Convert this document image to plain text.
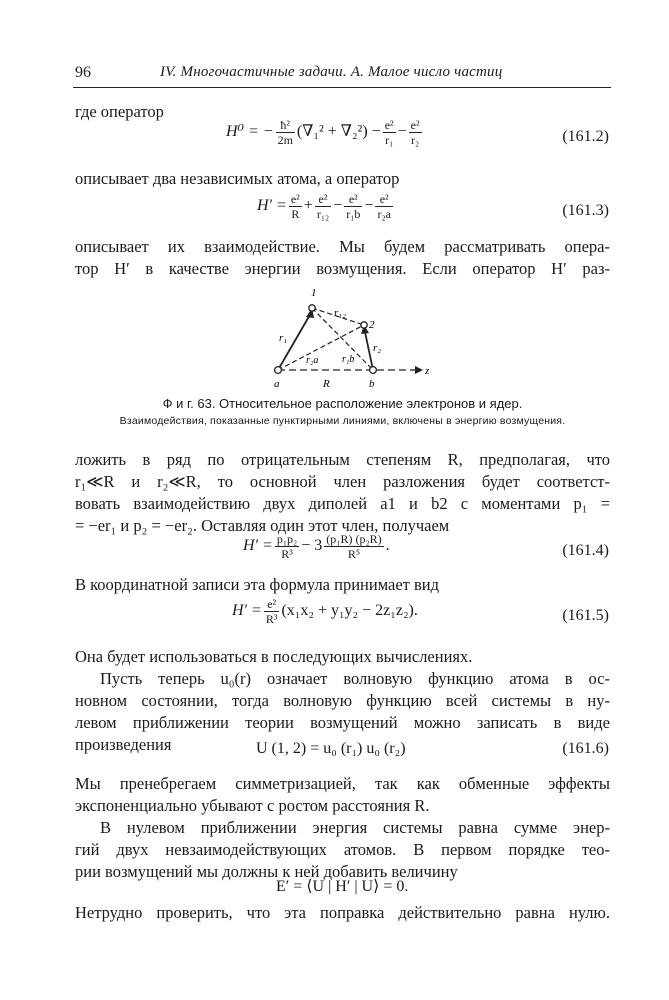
96	IV. Многочастичные задачи. A. Малое число частиц
где оператор
H⁰ = − $\frac{\text{ħ²}}{2m} (\nabla_1^2 + \nabla_2^2) - \frac{\text{e²}}{\text{r₁}} - \frac{\text{e²}}{\text{r₂}}$	(161.2)
описывает два независимых атома, а оператор
$H' = \frac{\text{e²}}{R} + \frac{\text{e²}}{\text{r₁₂}} - \frac{\text{e²}}{\text{r₁b}} - \frac{\text{e²}}{\text{r₂a}}$	(161.3)
описывает их взаимодействие. Мы будем рассматривать опера-
тор H′ в качестве энергии возмущения. Если оператор H′ раз-
1
2
r₁₂
r₁
r₂
r₂a r₁b
a	R	b
z
Ф и г. 63. Относительное расположение электронов и ядер.
Взаимодействия, показанные пунктирными линиями, включены в энергию возмущения.
ложить в ряд по отрицательным степеням R, предполагая, что
r₁≪R и r₂≪R, то основной член разложения будет соответст-
вовать взаимодействию двух диполей a1 и b2 с моментами p₁ =
= −er₁ и p₂ = −er₂. Оставляя один этот член, получаем
$H' = \frac{\text{p₁p₂}}{\text{R³}} - 3 \frac{\text{(p₁R) (p₂R)}}{\text{R⁵}}$ .	(161.4)
В координатной записи эта формула принимает вид
$H' = \frac{\text{e²}}{\text{R³}} (x_1x_2 + y_1y_2 - 2z_1z_2)$.	(161.5)
Она будет использоваться в последующих вычислениях.
Пусть теперь u₀(r) означает волновую функцию атома в ос-
новном состоянии, тогда волновую функцию всей системы в ну-
левом приближении теории возмущений можно записать в виде
произведения	U (1, 2) = u₀ (r₁) u₀ (r₂)	(161.6)
Мы пренебрегаем симметризацией, так как обменные эффекты
экспоненциально убывают с ростом расстояния R.
В нулевом приближении энергия системы равна сумме энер-
гий двух невзаимодействующих атомов. В первом порядке тео-
рии возмущений мы должны к ней добавить величину
E′ = ⟨U | H′ | U⟩ = 0.
Нетрудно проверить, что эта поправка действительно равна нулю.
